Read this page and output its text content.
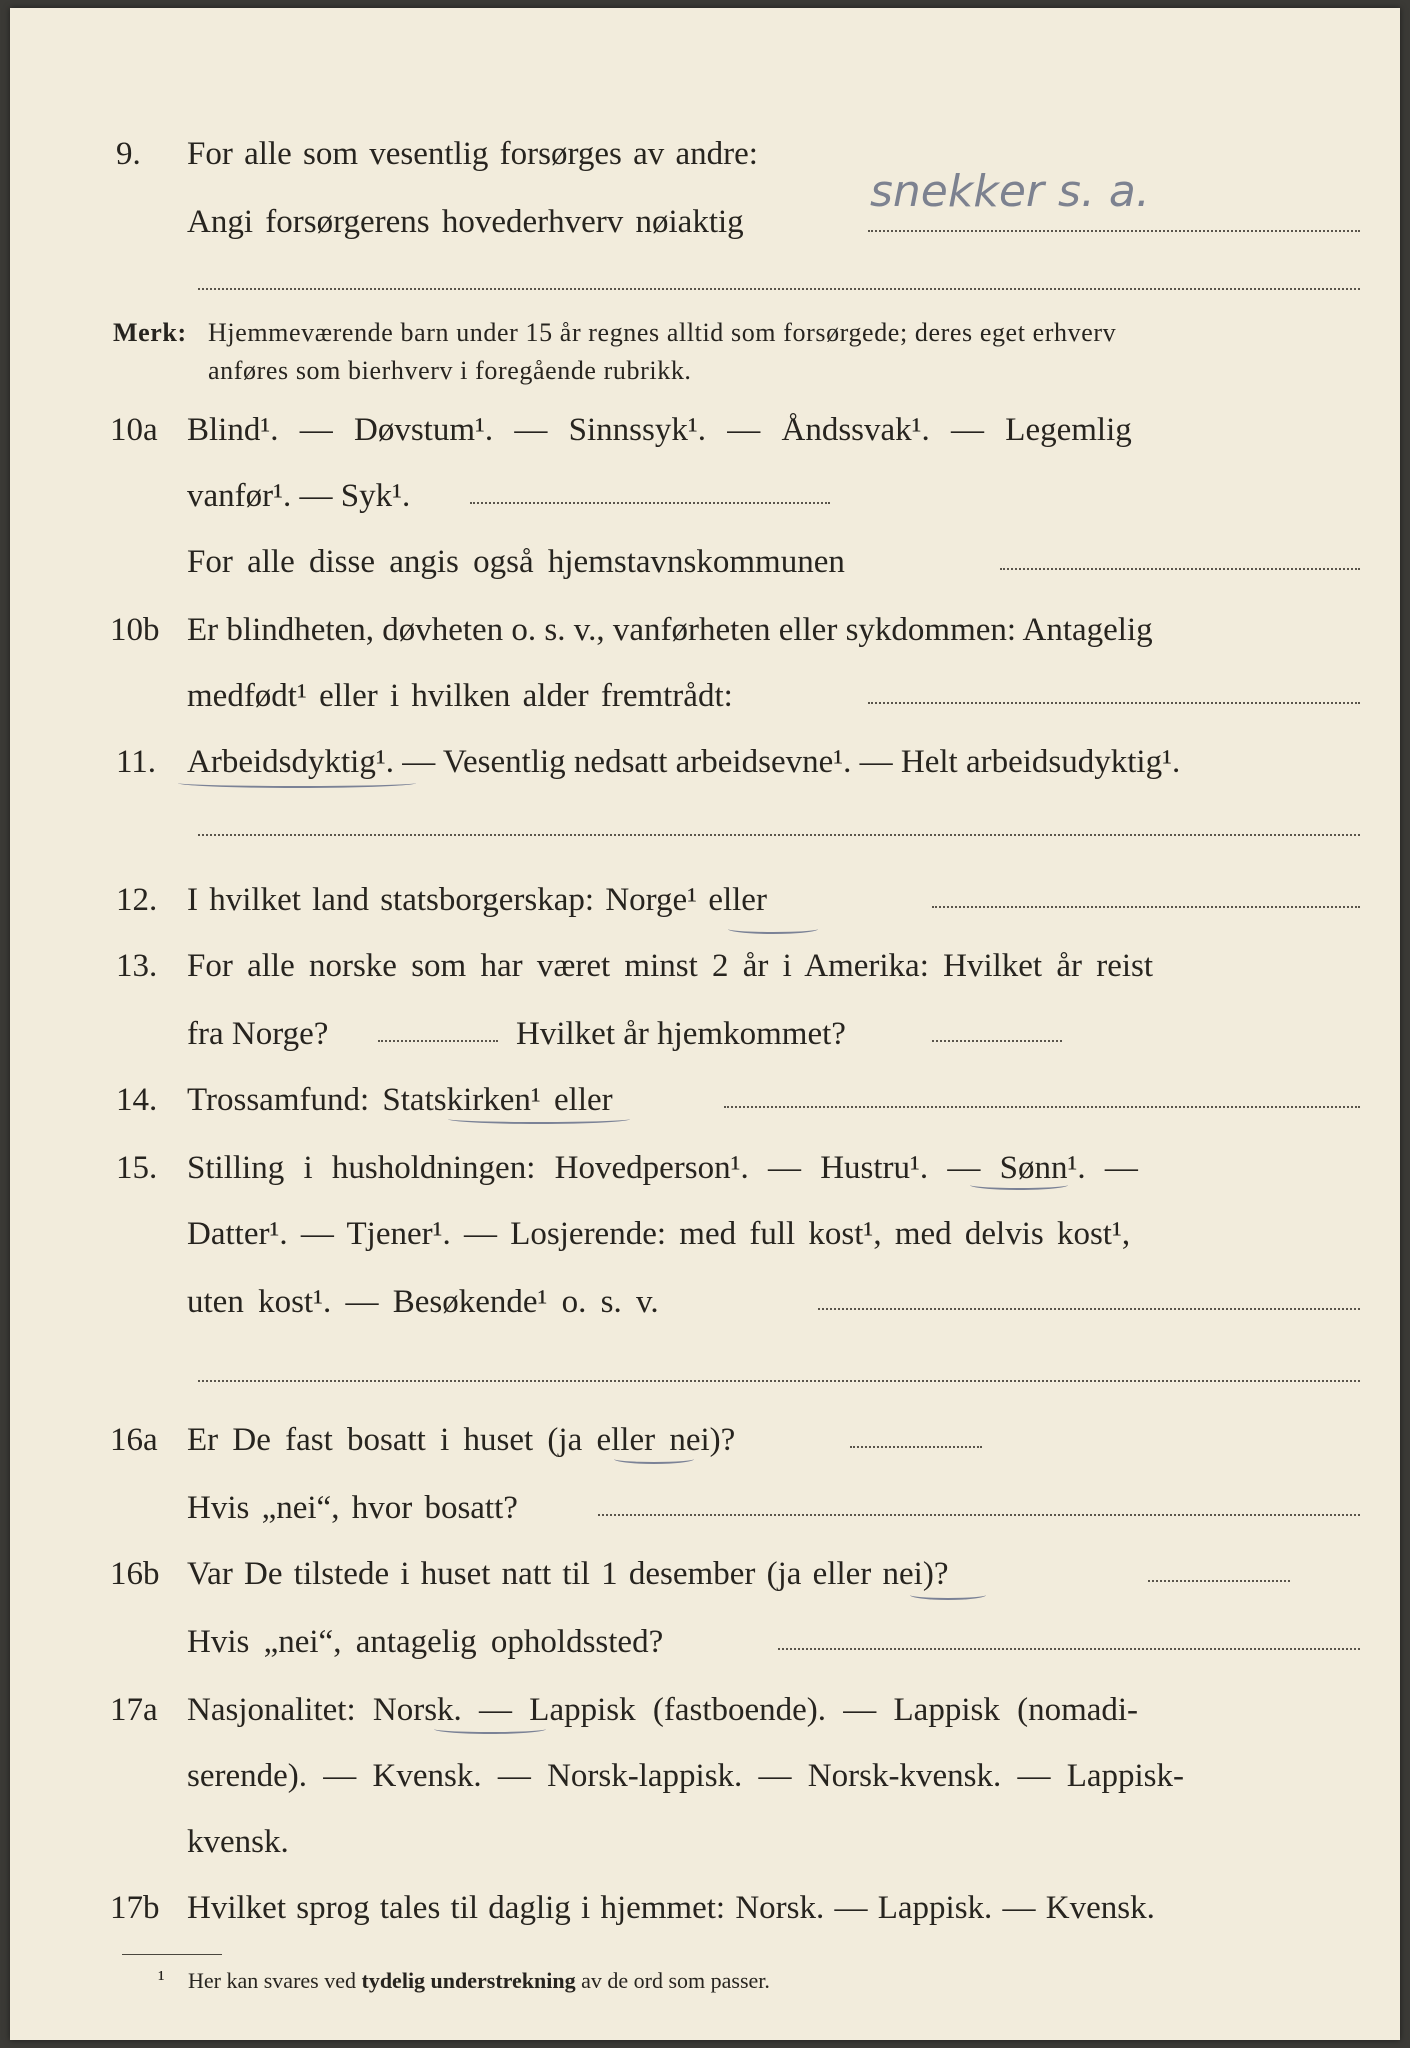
9. For alle som vesentlig forsørges av andre:
Angi forsørgerens hovederhverv nøiaktig
snekker s. a.
Merk: Hjemmeværende barn under 15 år regnes alltid som forsørgede; deres eget erhverv
anføres som bierhverv i foregående rubrikk.
10a Blind¹. — Døvstum¹. — Sinnssyk¹. — Åndssvak¹. — Legemlig
vanfør¹. — Syk¹.
For alle disse angis også hjemstavnskommunen
10b Er blindheten, døvheten o. s. v., vanførheten eller sykdommen: Antagelig
medfødt¹ eller i hvilken alder fremtrådt:
11. Arbeidsdyktig¹. — Vesentlig nedsatt arbeidsevne¹. — Helt arbeidsudyktig¹.
12. I hvilket land statsborgerskap: Norge¹ eller
13. For alle norske som har været minst 2 år i Amerika: Hvilket år reist
fra Norge?	Hvilket år hjemkommet?
14. Trossamfund: Statskirken¹ eller
15. Stilling i husholdningen: Hovedperson¹. — Hustru¹. — Sønn¹. —
Datter¹. — Tjener¹. — Losjerende: med full kost¹, med delvis kost¹,
uten kost¹. — Besøkende¹ o. s. v.
16a Er De fast bosatt i huset (ja eller nei)?
Hvis „nei“, hvor bosatt?
16b Var De tilstede i huset natt til 1 desember (ja eller nei)?
Hvis „nei“, antagelig opholdssted?
17a Nasjonalitet: Norsk. — Lappisk (fastboende). — Lappisk (nomadi-
serende). — Kvensk. — Norsk-lappisk. — Norsk-kvensk. — Lappisk-
kvensk.
17b Hvilket sprog tales til daglig i hjemmet: Norsk. — Lappisk. — Kvensk.
¹ Her kan svares ved tydelig understrekning av de ord som passer.
